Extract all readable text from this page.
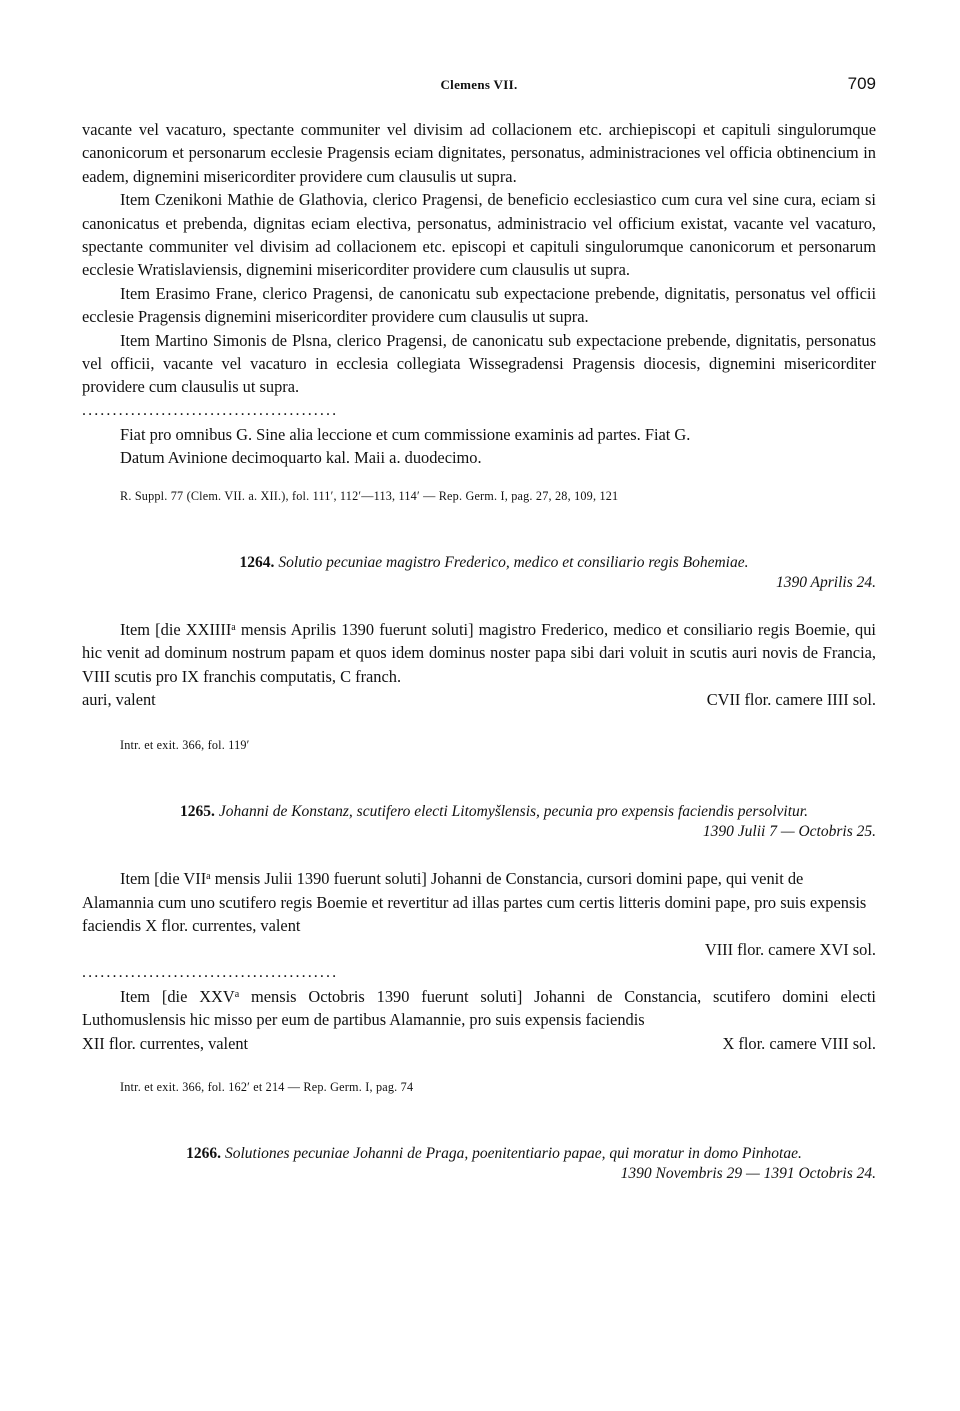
Clemens VII.	709

vacante vel vacaturo, spectante communiter vel divisim ad collacionem etc. archiepiscopi et capituli singulorumque canonicorum et personarum ecclesie Pragensis eciam dignitates, personatus, administraciones vel officia obtinencium in eadem, dignemini misericorditer providere cum clausulis ut supra.

Item Czenikoni Mathie de Glathovia, clerico Pragensi, de beneficio ecclesiastico cum cura vel sine cura, eciam si canonicatus et prebenda, dignitas eciam electiva, personatus, administracio vel officium existat, vacante vel vacaturo, spectante communiter vel divisim ad collacionem etc. episcopi et capituli singulorumque canonicorum et personarum ecclesie Wratislaviensis, dignemini misericorditer providere cum clausulis ut supra.

Item Erasimo Frane, clerico Pragensi, de canonicatu sub expectacione prebende, dignitatis, personatus vel officii ecclesie Pragensis dignemini misericorditer providere cum clausulis ut supra.

Item Martino Simonis de Plsna, clerico Pragensi, de canonicatu sub expectacione prebende, dignitatis, personatus vel officii, vacante vel vacaturo in ecclesia collegiata Wissegradensi Pragensis diocesis, dignemini misericorditer providere cum clausulis ut supra.

..........................................

Fiat pro omnibus G. Sine alia leccione et cum commissione examinis ad partes. Fiat G.

Datum Avinione decimoquarto kal. Maii a. duodecimo.

R. Suppl. 77 (Clem. VII. a. XII.), fol. 111′, 112′—113, 114′ — Rep. Germ. I, pag. 27, 28, 109, 121
1264. Solutio pecuniae magistro Frederico, medico et consiliario regis Bohemiae.
1390 Aprilis 24.

Item [die XXIIII$^a$ mensis Aprilis 1390 fuerunt soluti] magistro Frederico, medico et consiliario regis Boemie, qui hic venit ad dominum nostrum papam et quos idem dominus noster papa sibi dari voluit in scutis auri novis de Francia, VIII scutis pro IX franchis computatis, C franch.

auri, valent	CVII flor. camere IIII sol.
Intr. et exit. 366, fol. 119′
1265. Johanni de Konstanz, scutifero electi Litomyšlensis, pecunia pro expensis faciendis persolvitur.
1390 Julii 7 — Octobris 25.

Item [die VII$^a$ mensis Julii 1390 fuerunt soluti] Johanni de Constancia, cursori domini pape, qui venit de Alamannia cum uno scutifero regis Boemie et revertitur ad illas partes cum certis litteris domini pape, pro suis expensis faciendis X flor. currentes, valent

VIII flor. camere XVI sol.
..........................................

Item [die XXV$^a$ mensis Octobris 1390 fuerunt soluti] Johanni de Constancia, scutifero domini electi Luthomuslensis hic misso per eum de partibus Alamannie, pro suis expensis faciendis

XII flor. currentes, valent	X flor. camere VIII sol.
Intr. et exit. 366, fol. 162′ et 214 — Rep. Germ. I, pag. 74
1266. Solutiones pecuniae Johanni de Praga, poenitentiario papae, qui moratur in domo Pinhotae.
1390 Novembris 29 — 1391 Octobris 24.
